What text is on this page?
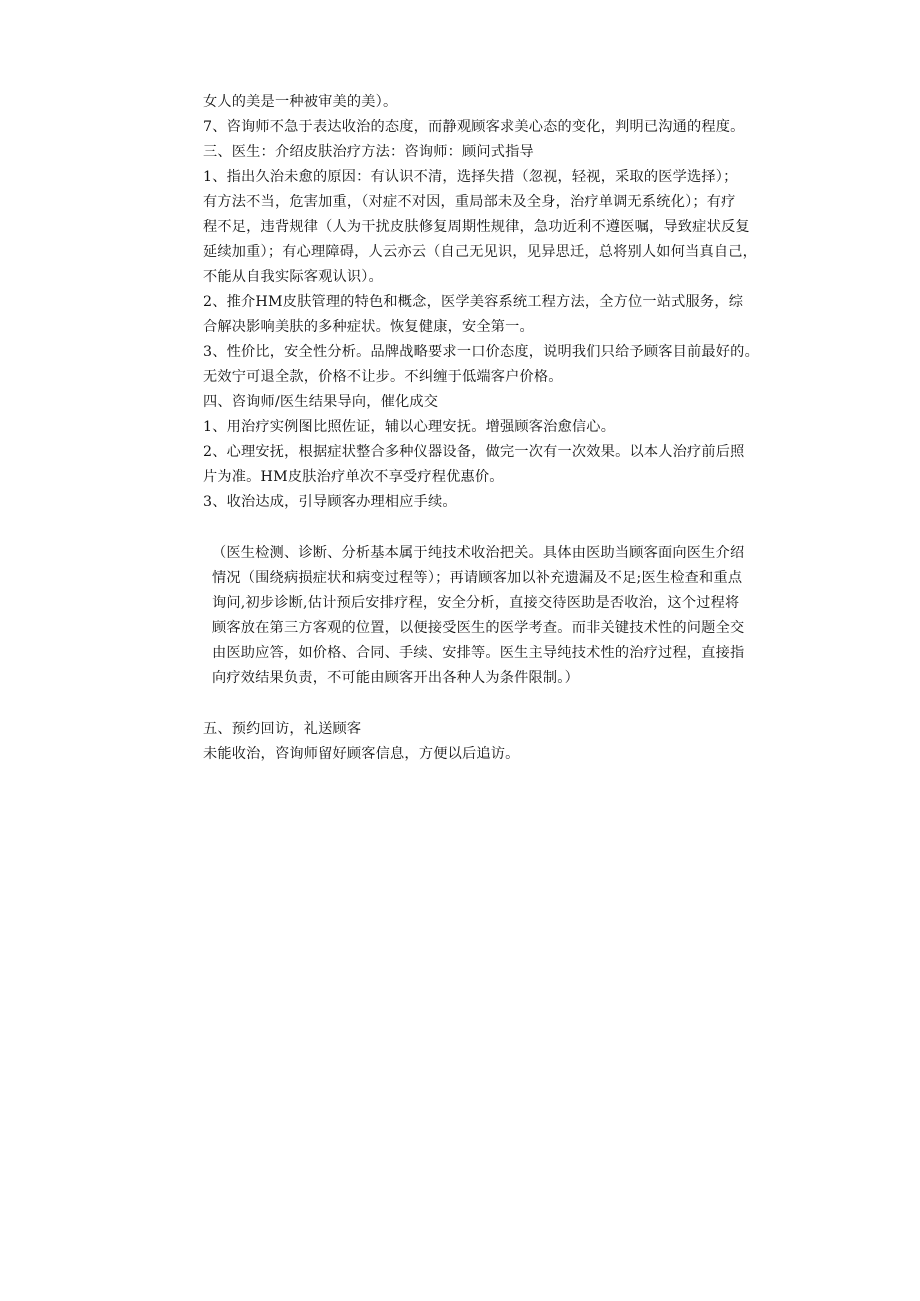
女人的美是一种被审美的美）。
7、咨询师不急于表达收治的态度，而静观顾客求美心态的变化，判明已沟通的程度。
三、医生：介绍皮肤治疗方法：咨询师：顾问式指导
1、指出久治未愈的原因：有认识不清，选择失措（忽视，轻视，采取的医学选择）；
有方法不当，危害加重，（对症不对因，重局部未及全身，治疗单调无系统化）；有疗
程不足，违背规律（人为干扰皮肤修复周期性规律，急功近利不遵医嘱，导致症状反复
延续加重）；有心理障碍，人云亦云（自己无见识，见异思迁，总将别人如何当真自己，
不能从自我实际客观认识）。
2、推介HM皮肤管理的特色和概念，医学美容系统工程方法，全方位一站式服务，综
合解决影响美肤的多种症状。恢复健康，安全第一。
3、性价比，安全性分析。品牌战略要求一口价态度，说明我们只给予顾客目前最好的。
无效宁可退全款，价格不让步。不纠缠于低端客户价格。
四、咨询师/医生结果导向，催化成交
1、用治疗实例图比照佐证，辅以心理安抚。增强顾客治愈信心。
2、心理安抚，根据症状整合多种仪器设备，做完一次有一次效果。以本人治疗前后照
片为准。HM皮肤治疗单次不享受疗程优惠价。
3、收治达成，引导顾客办理相应手续。
（医生检测、诊断、分析基本属于纯技术收治把关。具体由医助当顾客面向医生介绍
情况（围绕病损症状和病变过程等）；再请顾客加以补充遗漏及不足;医生检查和重点
询问,初步诊断,估计预后安排疗程，安全分析，直接交待医助是否收治，这个过程将
顾客放在第三方客观的位置，以便接受医生的医学考查。而非关键技术性的问题全交
由医助应答，如价格、合同、手续、安排等。医生主导纯技术性的治疗过程，直接指
向疗效结果负责，不可能由顾客开出各种人为条件限制。）
五、预约回访，礼送顾客
未能收治，咨询师留好顾客信息，方便以后追访。
